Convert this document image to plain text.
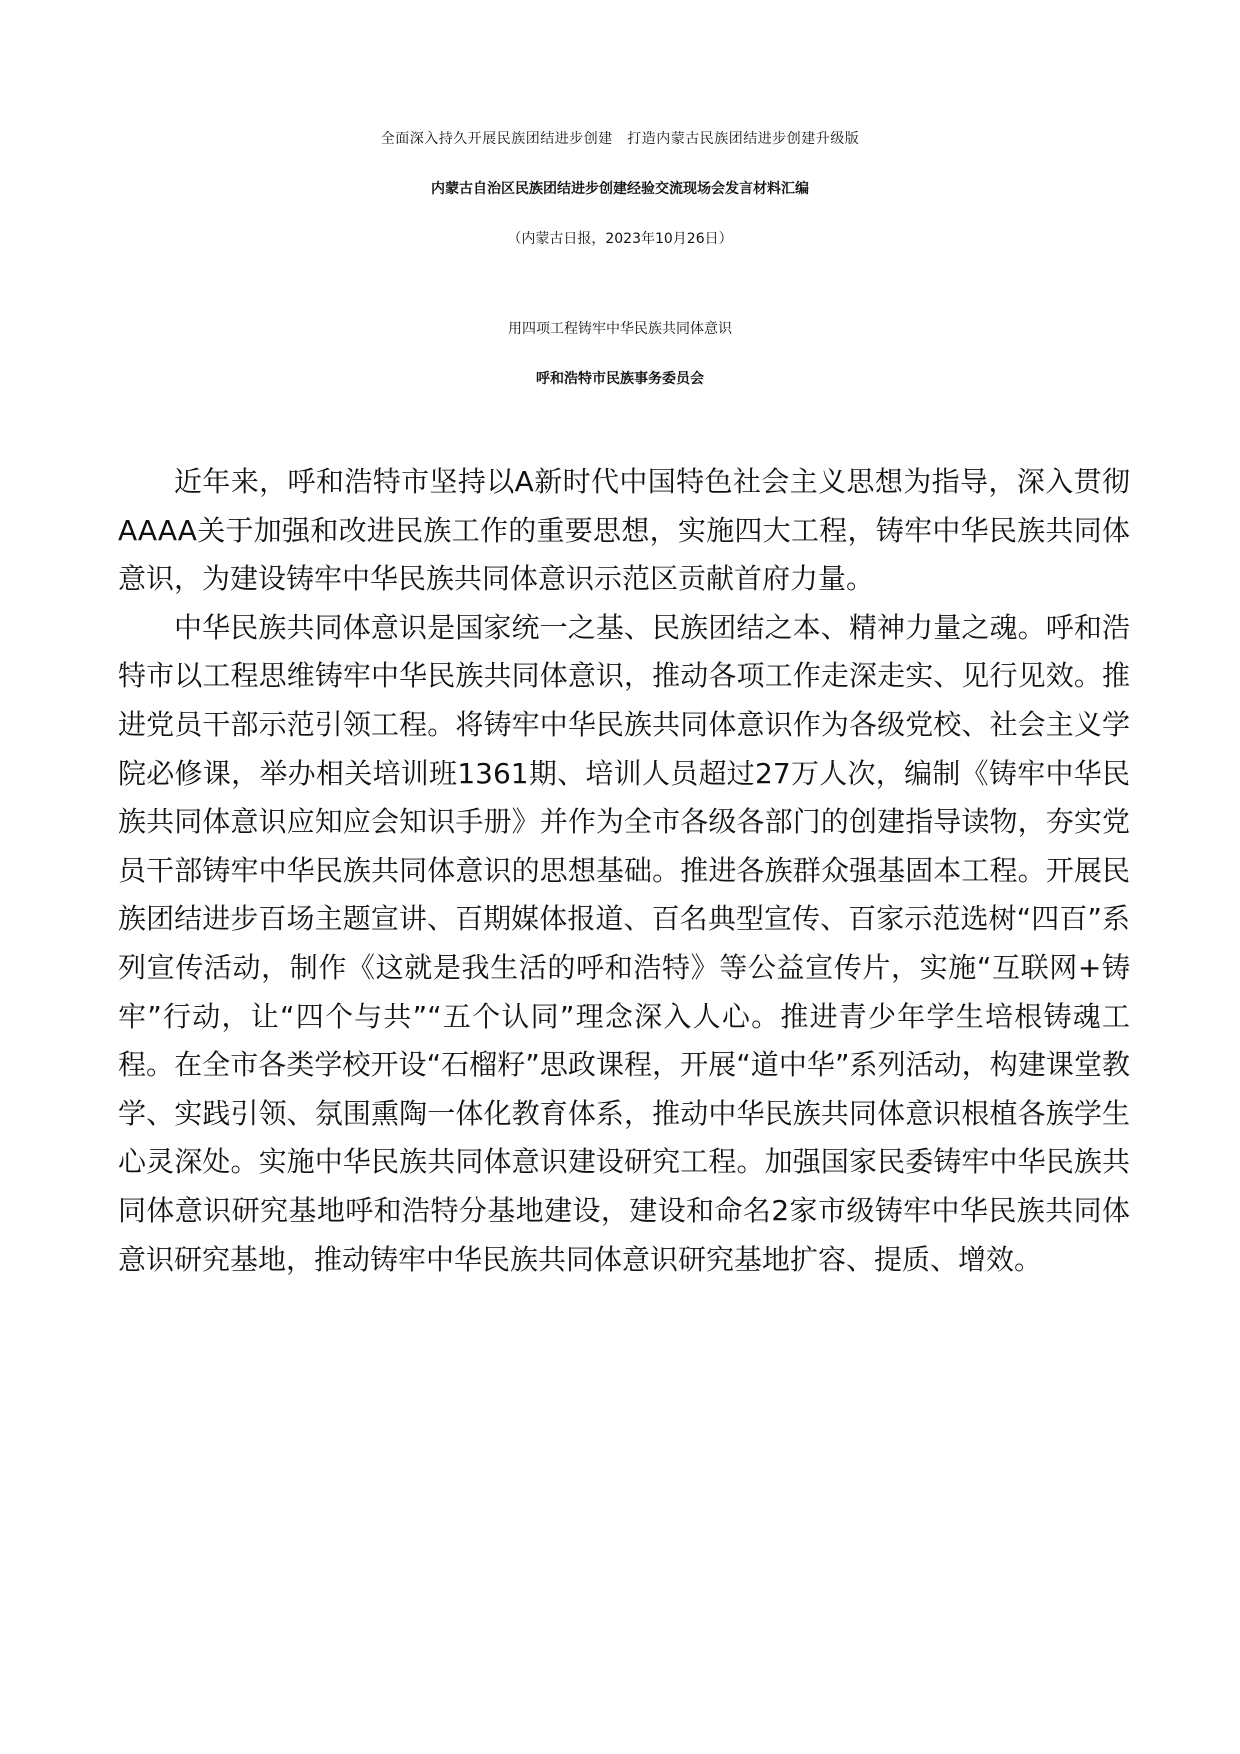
全面深入持久开展民族团结进步创建　打造内蒙古民族团结进步创建升级版
内蒙古自治区民族团结进步创建经验交流现场会发言材料汇编
（内蒙古日报，2023年10月26日）
用四项工程铸牢中华民族共同体意识
呼和浩特市民族事务委员会

近年来，呼和浩特市坚持以A新时代中国特色社会主义思想为指导，深入贯彻AAAA关于加强和改进民族工作的重要思想，实施四大工程，铸牢中华民族共同体意识，为建设铸牢中华民族共同体意识示范区贡献首府力量。

中华民族共同体意识是国家统一之基、民族团结之本、精神力量之魂。呼和浩特市以工程思维铸牢中华民族共同体意识，推动各项工作走深走实、见行见效。推进党员干部示范引领工程。将铸牢中华民族共同体意识作为各级党校、社会主义学院必修课，举办相关培训班1361期、培训人员超过27万人次，编制《铸牢中华民族共同体意识应知应会知识手册》并作为全市各级各部门的创建指导读物，夯实党员干部铸牢中华民族共同体意识的思想基础。推进各族群众强基固本工程。开展民族团结进步百场主题宣讲、百期媒体报道、百名典型宣传、百家示范选树“四百”系列宣传活动，制作《这就是我生活的呼和浩特》等公益宣传片，实施“互联网+铸牢”行动，让“四个与共”“五个认同”理念深入人心。推进青少年学生培根铸魂工程。在全市各类学校开设“石榴籽”思政课程，开展“道中华”系列活动，构建课堂教学、实践引领、氛围熏陶一体化教育体系，推动中华民族共同体意识根植各族学生心灵深处。实施中华民族共同体意识建设研究工程。加强国家民委铸牢中华民族共同体意识研究基地呼和浩特分基地建设，建设和命名2家市级铸牢中华民族共同体意识研究基地，推动铸牢中华民族共同体意识研究基地扩容、提质、增效。
